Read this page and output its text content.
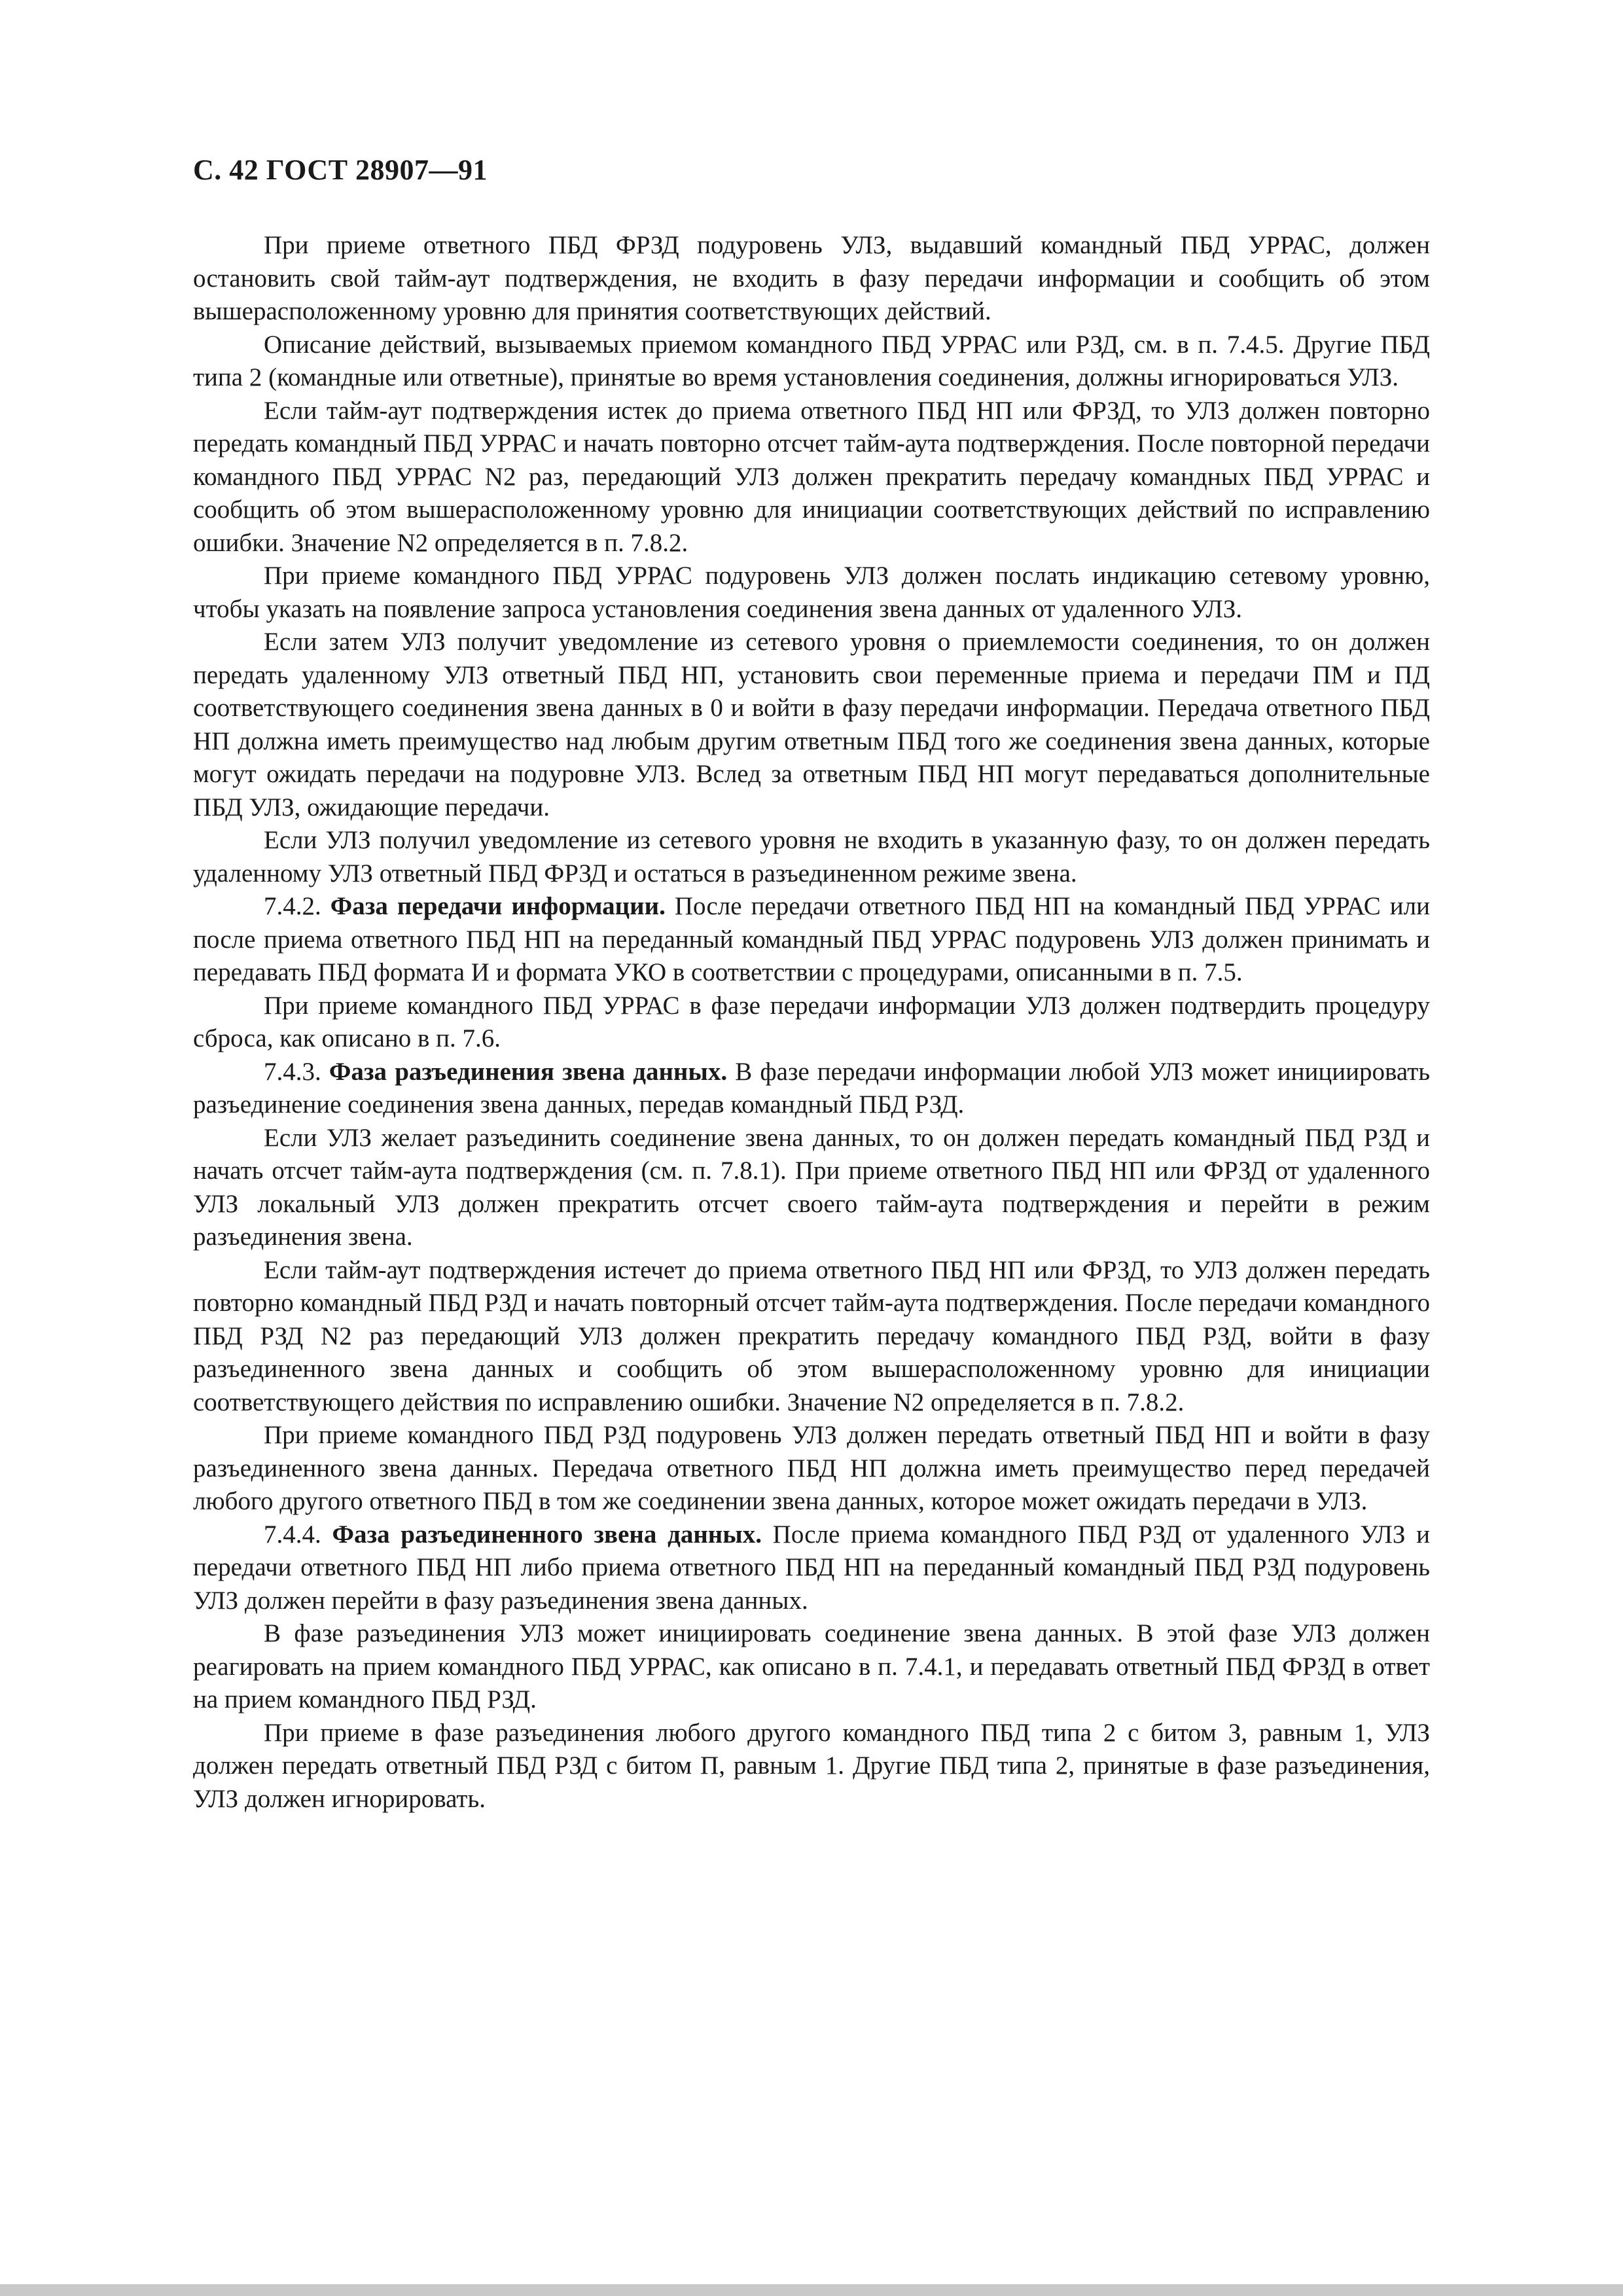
С. 42 ГОСТ 28907—91

При приеме ответного ПБД ФРЗД подуровень УЛЗ, выдавший командный ПБД УРРАС, должен остановить свой тайм-аут подтверждения, не входить в фазу передачи информации и сообщить об этом вышерасположенному уровню для принятия соответствующих действий.

Описание действий, вызываемых приемом командного ПБД УРРАС или РЗД, см. в п. 7.4.5. Другие ПБД типа 2 (командные или ответные), принятые во время установления соединения, должны игнорироваться УЛЗ.

Если тайм-аут подтверждения истек до приема ответного ПБД НП или ФРЗД, то УЛЗ должен повторно передать командный ПБД УРРАС и начать повторно отсчет тайм-аута подтверждения. После повторной передачи командного ПБД УРРАС N2 раз, передающий УЛЗ должен прекратить передачу командных ПБД УРРАС и сообщить об этом вышерасположенному уровню для инициации соответствующих действий по исправлению ошибки. Значение N2 определяется в п. 7.8.2.

При приеме командного ПБД УРРАС подуровень УЛЗ должен послать индикацию сетевому уровню, чтобы указать на появление запроса установления соединения звена данных от удаленного УЛЗ.

Если затем УЛЗ получит уведомление из сетевого уровня о приемлемости соединения, то он должен передать удаленному УЛЗ ответный ПБД НП, установить свои переменные приема и передачи ПМ и ПД соответствующего соединения звена данных в 0 и войти в фазу передачи информации. Передача ответного ПБД НП должна иметь преимущество над любым другим ответным ПБД того же соединения звена данных, которые могут ожидать передачи на подуровне УЛЗ. Вслед за ответным ПБД НП могут передаваться дополнительные ПБД УЛЗ, ожидающие передачи.

Если УЛЗ получил уведомление из сетевого уровня не входить в указанную фазу, то он должен передать удаленному УЛЗ ответный ПБД ФРЗД и остаться в разъединенном режиме звена.

7.4.2. Фаза передачи информации. После передачи ответного ПБД НП на командный ПБД УРРАС или после приема ответного ПБД НП на переданный командный ПБД УРРАС подуровень УЛЗ должен принимать и передавать ПБД формата И и формата УКО в соответствии с процедурами, описанными в п. 7.5.

При приеме командного ПБД УРРАС в фазе передачи информации УЛЗ должен подтвердить процедуру сброса, как описано в п. 7.6.

7.4.3. Фаза разъединения звена данных. В фазе передачи информации любой УЛЗ может инициировать разъединение соединения звена данных, передав командный ПБД РЗД.

Если УЛЗ желает разъединить соединение звена данных, то он должен передать командный ПБД РЗД и начать отсчет тайм-аута подтверждения (см. п. 7.8.1). При приеме ответного ПБД НП или ФРЗД от удаленного УЛЗ локальный УЛЗ должен прекратить отсчет своего тайм-аута подтверждения и перейти в режим разъединения звена.

Если тайм-аут подтверждения истечет до приема ответного ПБД НП или ФРЗД, то УЛЗ должен передать повторно командный ПБД РЗД и начать повторный отсчет тайм-аута подтверждения. После передачи командного ПБД РЗД N2 раз передающий УЛЗ должен прекратить передачу командного ПБД РЗД, войти в фазу разъединенного звена данных и сообщить об этом вышерасположенному уровню для инициации соответствующего действия по исправлению ошибки. Значение N2 определяется в п. 7.8.2.

При приеме командного ПБД РЗД подуровень УЛЗ должен передать ответный ПБД НП и войти в фазу разъединенного звена данных. Передача ответного ПБД НП должна иметь преимущество перед передачей любого другого ответного ПБД в том же соединении звена данных, которое может ожидать передачи в УЛЗ.

7.4.4. Фаза разъединенного звена данных. После приема командного ПБД РЗД от удаленного УЛЗ и передачи ответного ПБД НП либо приема ответного ПБД НП на переданный командный ПБД РЗД подуровень УЛЗ должен перейти в фазу разъединения звена данных.

В фазе разъединения УЛЗ может инициировать соединение звена данных. В этой фазе УЛЗ должен реагировать на прием командного ПБД УРРАС, как описано в п. 7.4.1, и передавать ответный ПБД ФРЗД в ответ на прием командного ПБД РЗД.

При приеме в фазе разъединения любого другого командного ПБД типа 2 с битом З, равным 1, УЛЗ должен передать ответный ПБД РЗД с битом П, равным 1. Другие ПБД типа 2, принятые в фазе разъединения, УЛЗ должен игнорировать.
